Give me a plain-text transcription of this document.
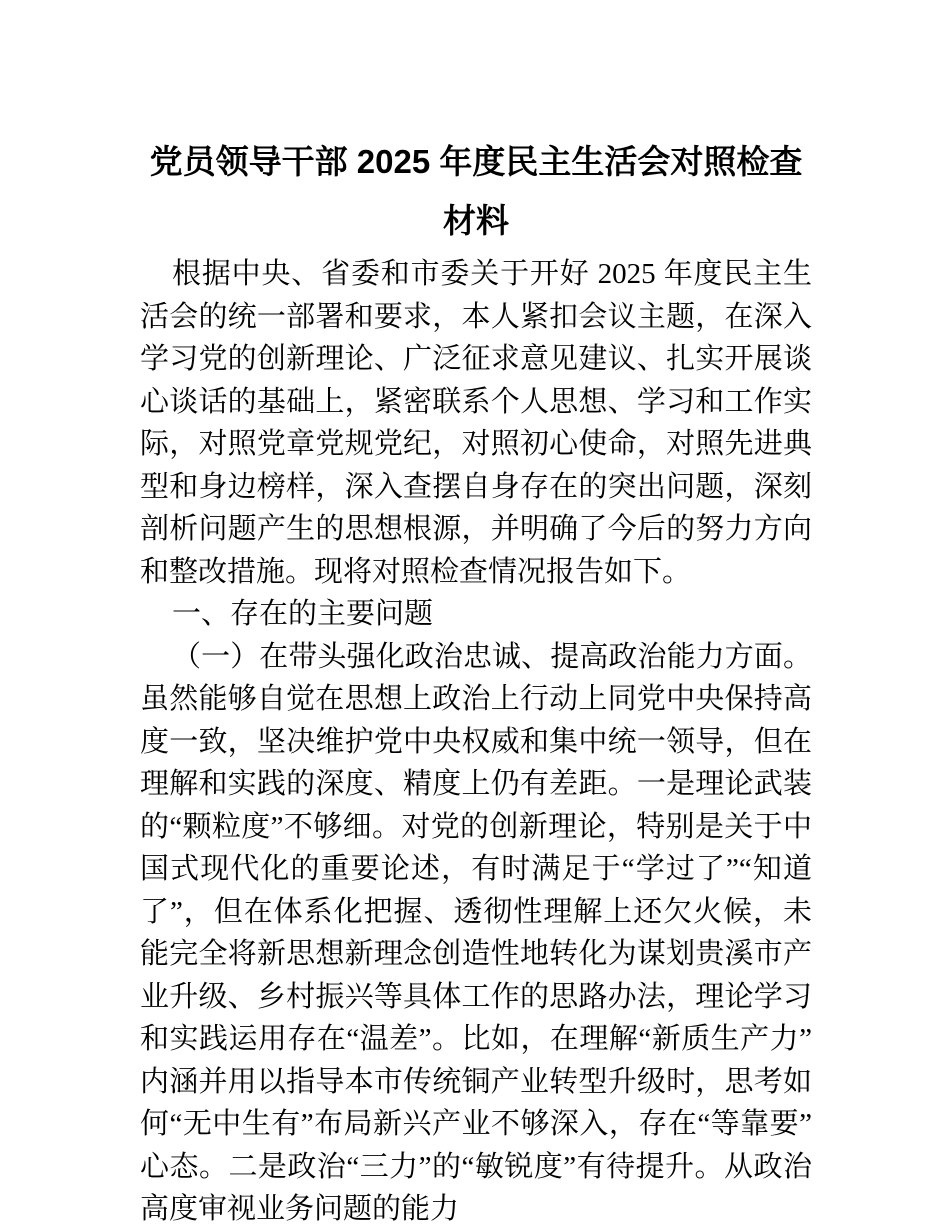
党员领导干部 2025 年度民主生活会对照检查材料

根据中央、省委和市委关于开好 2025 年度民主生活会的统一部署和要求，本人紧扣会议主题，在深入学习党的创新理论、广泛征求意见建议、扎实开展谈心谈话的基础上，紧密联系个人思想、学习和工作实际，对照党章党规党纪，对照初心使命，对照先进典型和身边榜样，深入查摆自身存在的突出问题，深刻剖析问题产生的思想根源，并明确了今后的努力方向和整改措施。现将对照检查情况报告如下。

一、存在的主要问题

（一）在带头强化政治忠诚、提高政治能力方面。虽然能够自觉在思想上政治上行动上同党中央保持高度一致，坚决维护党中央权威和集中统一领导，但在理解和实践的深度、精度上仍有差距。一是理论武装的“颗粒度”不够细。对党的创新理论，特别是关于中国式现代化的重要论述，有时满足于“学过了”“知道了”，但在体系化把握、透彻性理解上还欠火候，未能完全将新思想新理念创造性地转化为谋划贵溪市产业升级、乡村振兴等具体工作的思路办法，理论学习和实践运用存在“温差”。比如，在理解“新质生产力”内涵并用以指导本市传统铜产业转型升级时，思考如何“无中生有”布局新兴产业不够深入，存在“等靠要”心态。二是政治“三力”的“敏锐度”有待提升。从政治高度审视业务问题的能力
